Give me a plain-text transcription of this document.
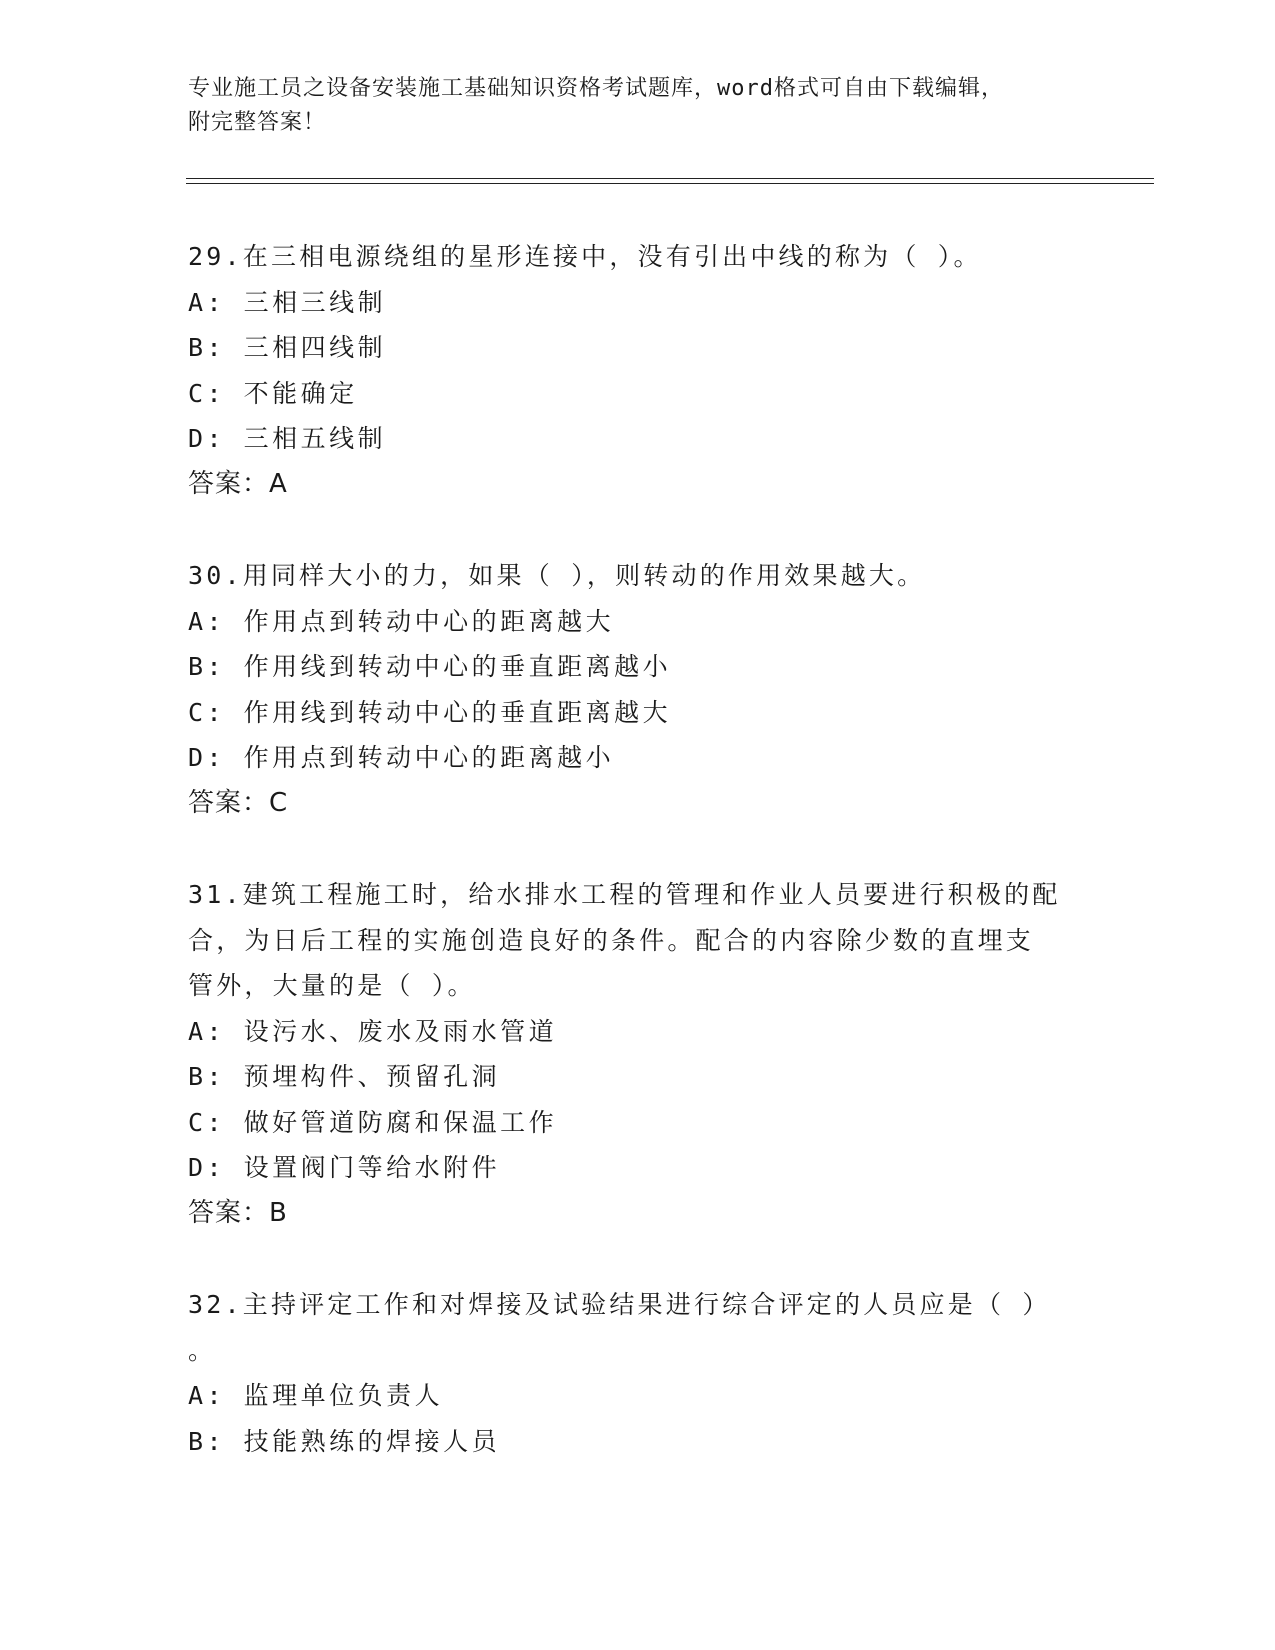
专业施工员之设备安装施工基础知识资格考试题库，word格式可自由下载编辑，
附完整答案！
29.在三相电源绕组的星形连接中，没有引出中线的称为（ ）。
A: 三相三线制
B: 三相四线制
C: 不能确定
D: 三相五线制
答案：A
30.用同样大小的力，如果（ ），则转动的作用效果越大。
A: 作用点到转动中心的距离越大
B: 作用线到转动中心的垂直距离越小
C: 作用线到转动中心的垂直距离越大
D: 作用点到转动中心的距离越小
答案：C
31.建筑工程施工时，给水排水工程的管理和作业人员要进行积极的配
合，为日后工程的实施创造良好的条件。配合的内容除少数的直埋支
管外，大量的是（ ）。
A: 设污水、废水及雨水管道
B: 预埋构件、预留孔洞
C: 做好管道防腐和保温工作
D: 设置阀门等给水附件
答案：B
32.主持评定工作和对焊接及试验结果进行综合评定的人员应是（ ）
。
A: 监理单位负责人
B: 技能熟练的焊接人员
